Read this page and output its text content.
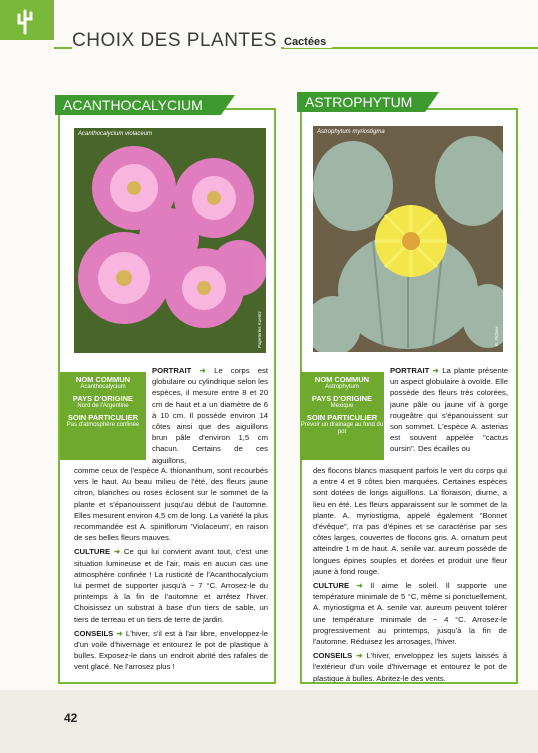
CHOIX DES PLANTES Cactées
ACANTHOCALYCIUM
Acanthocalycium violaceum
Papeteries Kuentz
NOM COMMUN
Acanthocalycium
PAYS D'ORIGINE
Nord de l'Argentine
SOIN PARTICULIER
Pas d'atmosphère confinée
PORTRAIT ➜ Le corps est globulaire ou cylindrique selon les espèces, il mesure entre 8 et 20 cm de haut et a un diamètre de 6 à 10 cm. Il possède environ 14 côtes ainsi que des aiguillons brun pâle d'environ 1,5 cm chacun. Certains de ces aiguillons,
comme ceux de l'espèce A. thionanthum, sont recourbés vers le haut. Au beau milieu de l'été, des fleurs jaune citron, blanches ou roses éclosent sur le sommet de la plante et s'épanouissent jusqu'au début de l'automne. Elles mesurent environ 4,5 cm de long. La variété la plus recommandée est A. spiniflorum 'Violaceum', en raison de ses belles fleurs mauves.
CULTURE ➜ Ce qui lui convient avant tout, c'est une situation lumineuse et de l'air, mais en aucun cas une atmosphère confinée ! La rusticité de l'Acanthocalycium lui permet de supporter jusqu'à − 7 °C. Arrosez-le du printemps à la fin de l'automne et arrêtez l'hiver. Choisissez un substrat à base d'un tiers de sable, un tiers de terreau et un tiers de terre de jardin.
CONSEILS ➜ L'hiver, s'il est à l'air libre, enveloppez-le d'un voile d'hivernage et entourez le pot de plastique à bulles. Exposez-le dans un endroit abrité des rafales de vent glacé. Ne l'arrosez plus !
ASTROPHYTUM
Astrophytum myriostigma
B. Fichon
NOM COMMUN
Astrophytum
PAYS D'ORIGINE
Mexique
SOIN PARTICULIER
Prévoir un drainage au fond du pot
PORTRAIT ➜ La plante présente un aspect globulaire à ovoïde. Elle possède des fleurs très colorées, jaune pâle ou jaune vif à gorge rougeâtre qui s'épanouissent sur son sommet. L'espèce A. asterias est souvent appelée "cactus oursin". Des écailles ou
des flocons blancs masquent parfois le vert du corps qui a entre 4 et 9 côtes bien marquées. Certaines espèces sont dotées de longs aiguillons. La floraison, diurne, a lieu en été. Les fleurs apparaissent sur le sommet de la plante. A. myriostigma, appelé également "Bonnet d'évêque", n'a pas d'épines et se caractérise par ses côtes larges, couvertes de flocons gris. A. ornatum peut atteindre 1 m de haut. A. senile var. aureum possède de longues épines souples et dorées et produit une fleur jaune à fond rouge.
CULTURE ➜ Il aime le soleil. Il supporte une température minimale de 5 °C, même si ponctuellement, A. myriostigma et A. senile var. aureum peuvent tolérer une température minimale de − 4 °C. Arrosez-le progressivement au printemps, jusqu'à la fin de l'automne. Réduisez les arrosages, l'hiver.
CONSEILS ➜ L'hiver, enveloppez les sujets laissés à l'extérieur d'un voile d'hivernage et entourez le pot de plastique à bulles. Abritez-le des vents.
42
